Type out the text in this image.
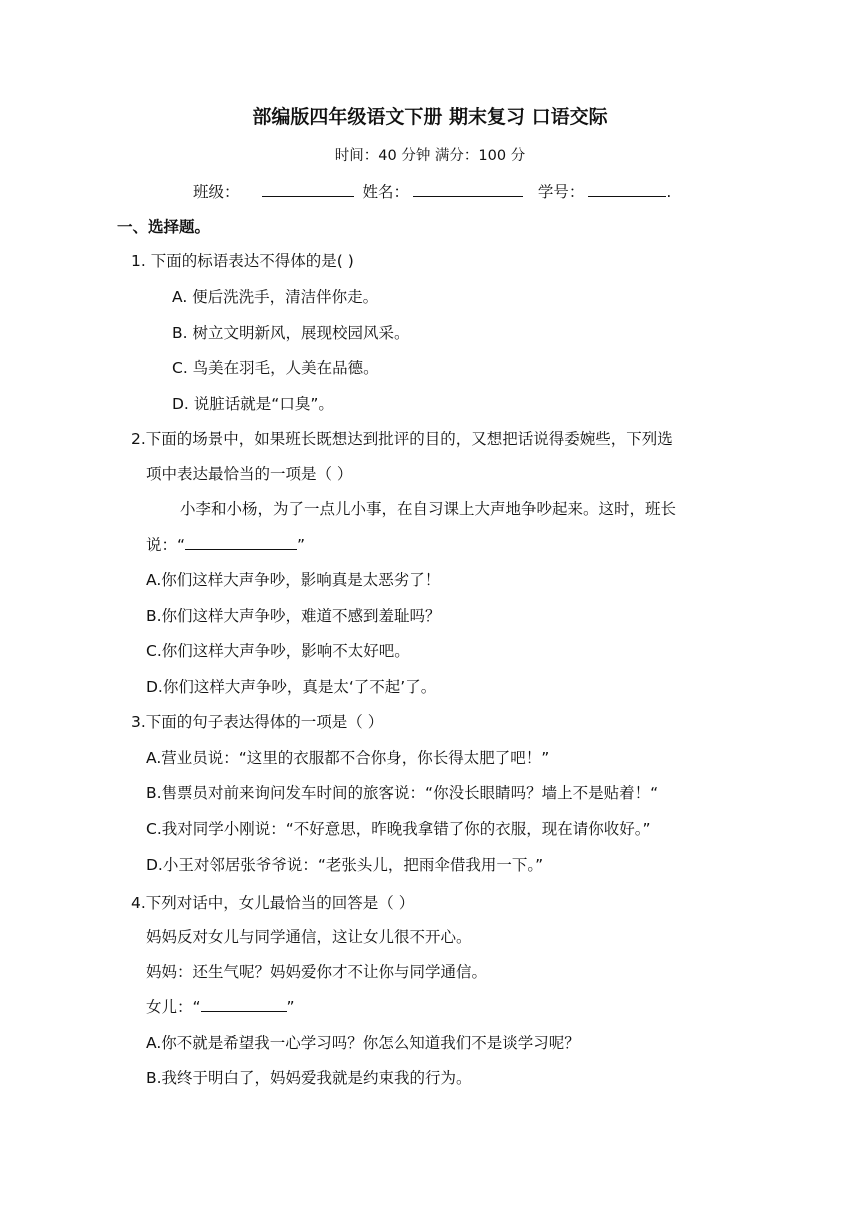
部编版四年级语文下册 期末复习 口语交际
时间：40 分钟 满分：100 分
班级：	姓名：	学号：	.
一、选择题。
1. 下面的标语表达不得体的是( )
A. 便后洗洗手，清洁伴你走。
B. 树立文明新风，展现校园风采。
C. 鸟美在羽毛，人美在品德。
D. 说脏话就是“口臭”。
2.下面的场景中，如果班长既想达到批评的目的，又想把话说得委婉些，下列选
项中表达最恰当的一项是（ ）
小李和小杨，为了一点儿小事，在自习课上大声地争吵起来。这时，班长
说：“	”
A.你们这样大声争吵，影响真是太恶劣了！
B.你们这样大声争吵，难道不感到羞耻吗？
C.你们这样大声争吵，影响不太好吧。
D.你们这样大声争吵，真是太‘了不起’了。
3.下面的句子表达得体的一项是（ ）
A.营业员说：“这里的衣服都不合你身，你长得太肥了吧！”
B.售票员对前来询问发车时间的旅客说：“你没长眼睛吗？墙上不是贴着！“
C.我对同学小刚说：“不好意思，昨晚我拿错了你的衣服，现在请你收好。”
D.小王对邻居张爷爷说：“老张头儿，把雨伞借我用一下。”
4.下列对话中，女儿最恰当的回答是（ ）
妈妈反对女儿与同学通信，这让女儿很不开心。
妈妈：还生气呢？妈妈爱你才不让你与同学通信。
女儿：“	”
A.你不就是希望我一心学习吗？你怎么知道我们不是谈学习呢？
B.我终于明白了，妈妈爱我就是约束我的行为。
